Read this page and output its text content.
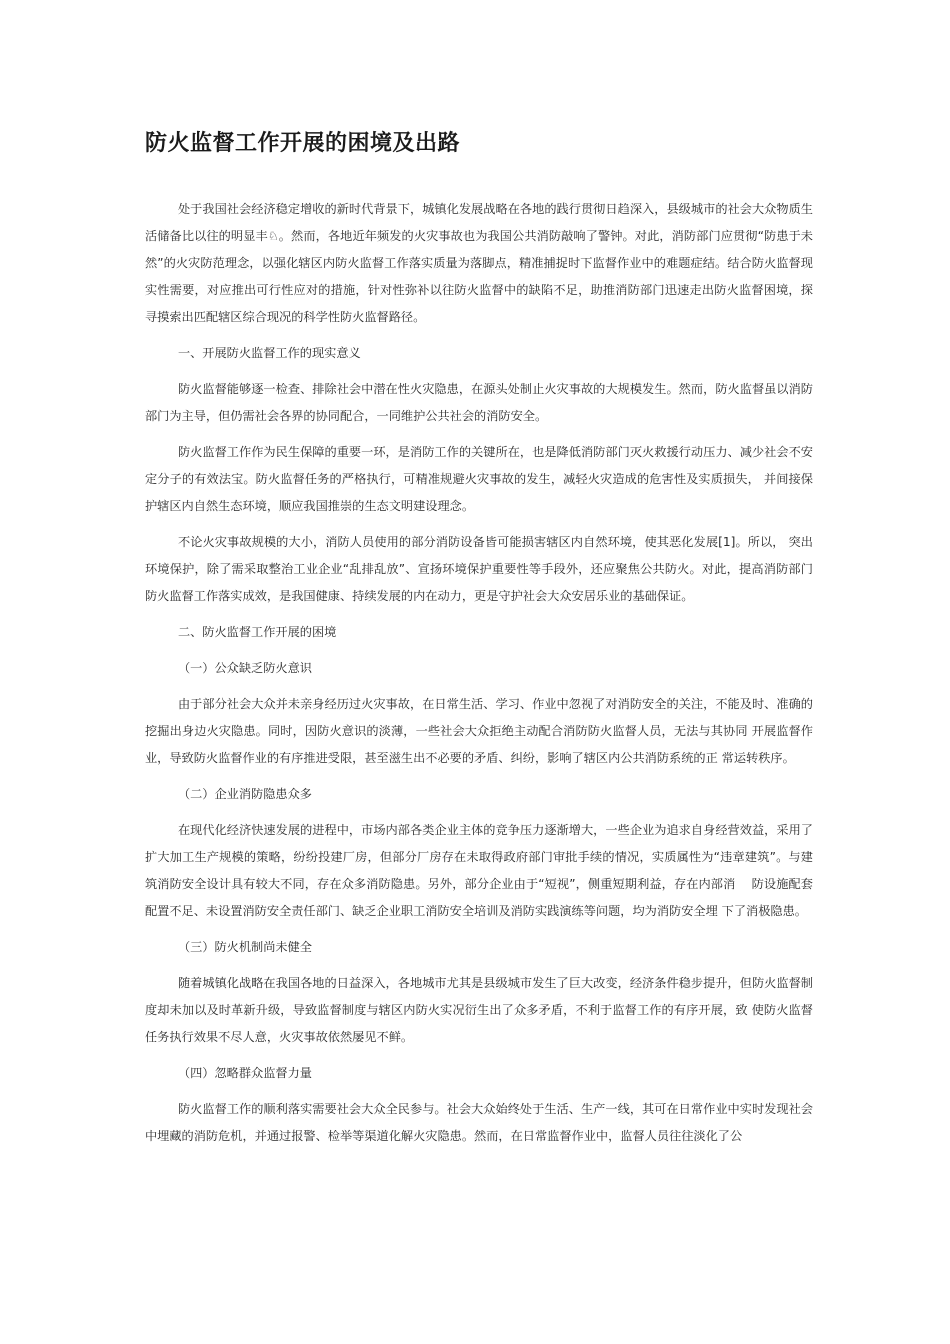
防火监督工作开展的困境及出路

处于我国社会经济稳定增收的新时代背景下，城镇化发展战略在各地的践行贯彻日趋深入，县级城市的社会大众物质生活储备比以往的明显丰♘。然而，各地近年频发的火灾事故也为我国公共消防敲响了警钟。对此，消防部门应贯彻“防患于未然”的火灾防范理念，以强化辖区内防火监督工作落实质量为落脚点，精准捕捉时下监督作业中的难题症结。结合防火监督现实性需要，对应推出可行性应对的措施，针对性弥补以往防火监督中的缺陷不足，助推消防部门迅速走出防火监督困境，探寻摸索出匹配辖区综合现况的科学性防火监督路径。

一、开展防火监督工作的现实意义

防火监督能够逐一检查、排除社会中潜在性火灾隐患，在源头处制止火灾事故的大规模发生。然而，防火监督虽以消防部门为主导，但仍需社会各界的协同配合，一同维护公共社会的消防安全。

防火监督工作作为民生保障的重要一环，是消防工作的关键所在，也是降低消防部门灭火救援行动压力、减少社会不安定分子的有效法宝。防火监督任务的严格执行，可精准规避火灾事故的发生，减轻火灾造成的危害性及实质损失， 并间接保护辖区内自然生态环境，顺应我国推崇的生态文明建设理念。

不论火灾事故规模的大小，消防人员使用的部分消防设备皆可能损害辖区内自然环境，使其恶化发展[1]。所以， 突出环境保护，除了需采取整治工业企业“乱排乱放”、宣扬环境保护重要性等手段外，还应聚焦公共防火。对此，提高消防部门防火监督工作落实成效，是我国健康、持续发展的内在动力，更是守护社会大众安居乐业的基础保证。

二、防火监督工作开展的困境

（一）公众缺乏防火意识

由于部分社会大众并未亲身经历过火灾事故，在日常生活、学习、作业中忽视了对消防安全的关注，不能及时、准确的挖掘出身边火灾隐患。同时，因防火意识的淡薄，一些社会大众拒绝主动配合消防防火监督人员，无法与其协同 开展监督作业，导致防火监督作业的有序推进受限，甚至滋生出不必要的矛盾、纠纷，影响了辖区内公共消防系统的正 常运转秩序。

（二）企业消防隐患众多

在现代化经济快速发展的进程中，市场内部各类企业主体的竞争压力逐渐增大，一些企业为追求自身经营效益，采用了扩大加工生产规模的策略，纷纷投建厂房，但部分厂房存在未取得政府部门审批手续的情况，实质属性为“违章建筑”。与建筑消防安全设计具有较大不同，存在众多消防隐患。另外，部分企业由于“短视”，侧重短期利益，存在内部消　 防设施配套配置不足、未设置消防安全责任部门、缺乏企业职工消防安全培训及消防实践演练等问题，均为消防安全埋 下了消极隐患。

（三）防火机制尚未健全

随着城镇化战略在我国各地的日益深入，各地城市尤其是县级城市发生了巨大改变，经济条件稳步提升，但防火监督制度却未加以及时革新升级，导致监督制度与辖区内防火实况衍生出了众多矛盾，不利于监督工作的有序开展，致 使防火监督任务执行效果不尽人意，火灾事故依然屡见不鲜。

（四）忽略群众监督力量

防火监督工作的顺利落实需要社会大众全民参与。社会大众始终处于生活、生产一线，其可在日常作业中实时发现社会中埋藏的消防危机，并通过报警、检举等渠道化解火灾隐患。然而，在日常监督作业中，监督人员往往淡化了公
